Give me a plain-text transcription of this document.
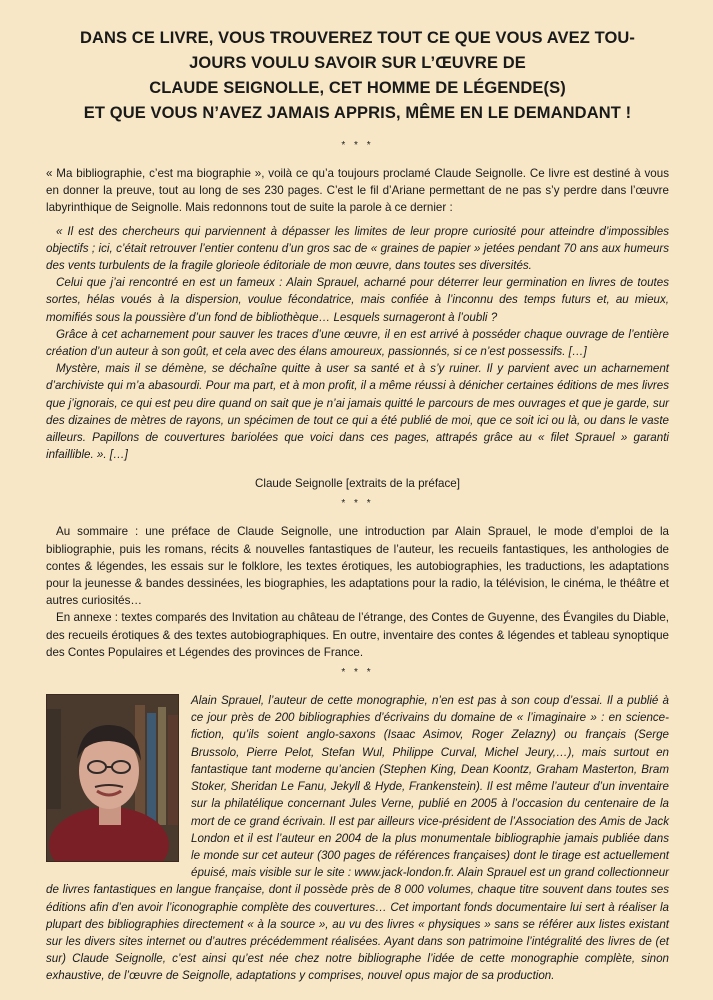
DANS CE LIVRE, VOUS TROUVEREZ TOUT CE QUE VOUS AVEZ TOU-
JOURS VOULU SAVOIR SUR L’ŒUVRE DE
CLAUDE SEIGNOLLE, CET HOMME DE LÉGENDE(S)
ET QUE VOUS N’AVEZ JAMAIS APPRIS, MÊME EN LE DEMANDANT !
* * *

« Ma bibliographie, c’est ma biographie », voilà ce qu’a toujours proclamé Claude Seignolle. Ce livre est destiné à vous en donner la preuve, tout au long de ses 230 pages. C’est le fil d’Ariane permettant de ne pas s’y perdre dans l’œuvre labyrinthique de Seignolle. Mais redonnons tout de suite la parole à ce dernier :

« Il est des chercheurs qui parviennent à dépasser les limites de leur propre curiosité pour atteindre d’impossibles objectifs ; ici, c’était retrouver l’entier contenu d’un gros sac de « graines de papier » jetées pendant 70 ans aux humeurs des vents turbulents de la fragile glorieole éditoriale de mon œuvre, dans toutes ses diversités.

Celui que j’ai rencontré en est un fameux : Alain Sprauel, acharné pour déterrer leur germination en livres de toutes sortes, hélas voués à la dispersion, voulue fécondatrice, mais confiée à l’inconnu des temps futurs et, au mieux, momifiés sous la poussière d’un fond de bibliothèque… Lesquels surnageront à l’oubli ?

Grâce à cet acharnement pour sauver les traces d’une œuvre, il en est arrivé à posséder chaque ouvrage de l’entière création d’un auteur à son goût, et cela avec des élans amoureux, passionnés, si ce n’est possessifs. […]

Mystère, mais il se démène, se déchaîne quitte à user sa santé et à s’y ruiner. Il y parvient avec un acharnement d’archiviste qui m’a abasourdi. Pour ma part, et à mon profit, il a même réussi à dénicher certaines éditions de mes livres que j’ignorais, ce qui est peu dire quand on sait que je n’ai jamais quitté le parcours de mes ouvrages et que je garde, sur des dizaines de mètres de rayons, un spécimen de tout ce qui a été publié de moi, que ce soit ici ou là, ou dans le vaste ailleurs. Papillons de couvertures bariolées que voici dans ces pages, attrapés grâce au « filet Sprauel » garanti infaillible. ». […]

Claude Seignolle [extraits de la préface]
* * *

Au sommaire : une préface de Claude Seignolle, une introduction par Alain Sprauel, le mode d’emploi de la bibliographie, puis les romans, récits & nouvelles fantastiques de l’auteur, les recueils fantastiques, les anthologies de contes & légendes, les essais sur le folklore, les textes érotiques, les autobiographies, les traductions, les adaptations pour la jeunesse & bandes dessinées, les biographies, les adaptations pour la radio, la télévision, le cinéma, le théâtre et autres curiosités…

En annexe : textes comparés des Invitation au château de l’étrange, des Contes de Guyenne, des Évangiles du Diable, des recueils érotiques & des textes autobiographiques. En outre, inventaire des contes & légendes et tableau synoptique des Contes Populaires et Légendes des provinces de France.

* * *

Alain Sprauel, l’auteur de cette monographie, n’en est pas à son coup d’essai. Il a publié à ce jour près de 200 bibliographies d’écrivains du domaine de « l’imaginaire » : en science-fiction, qu’ils soient anglo-saxons (Isaac Asimov, Roger Zelazny) ou français (Serge Brussolo, Pierre Pelot, Stefan Wul, Philippe Curval, Michel Jeury,…), mais surtout en fantastique tant moderne qu’ancien (Stephen King, Dean Koontz, Graham Masterton, Bram Stoker, Sheridan Le Fanu, Jekyll & Hyde, Frankenstein). Il est même l’auteur d’un inventaire sur la philatélique concernant Jules Verne, publié en 2005 à l’occasion du centenaire de la mort de ce grand écrivain. Il est par ailleurs vice-président de l’Association des Amis de Jack London et il est l’auteur en 2004 de la plus monumentale bibliographie jamais publiée dans le monde sur cet auteur (300 pages de références françaises) dont le tirage est actuellement épuisé, mais visible sur le site : www.jack-london.fr. Alain Sprauel est un grand collectionneur de livres fantastiques en langue française, dont il possède près de 8 000 volumes, chaque titre souvent dans toutes ses éditions afin d’en avoir l’iconographie complète des couvertures… Cet important fonds documentaire lui sert à réaliser la plupart des bibliographies directement « à la source », au vu des livres « physiques » sans se référer aux listes existant sur les divers sites internet ou d’autres précédemment réalisées. Ayant dans son patrimoine l’intégralité des livres de (et sur) Claude Seignolle, c’est ainsi qu’est née chez notre bibliographe l’idée de cette monographie complète, sinon exhaustive, de l’œuvre de Seignolle, adaptations y comprises, nouvel opus major de sa production.
